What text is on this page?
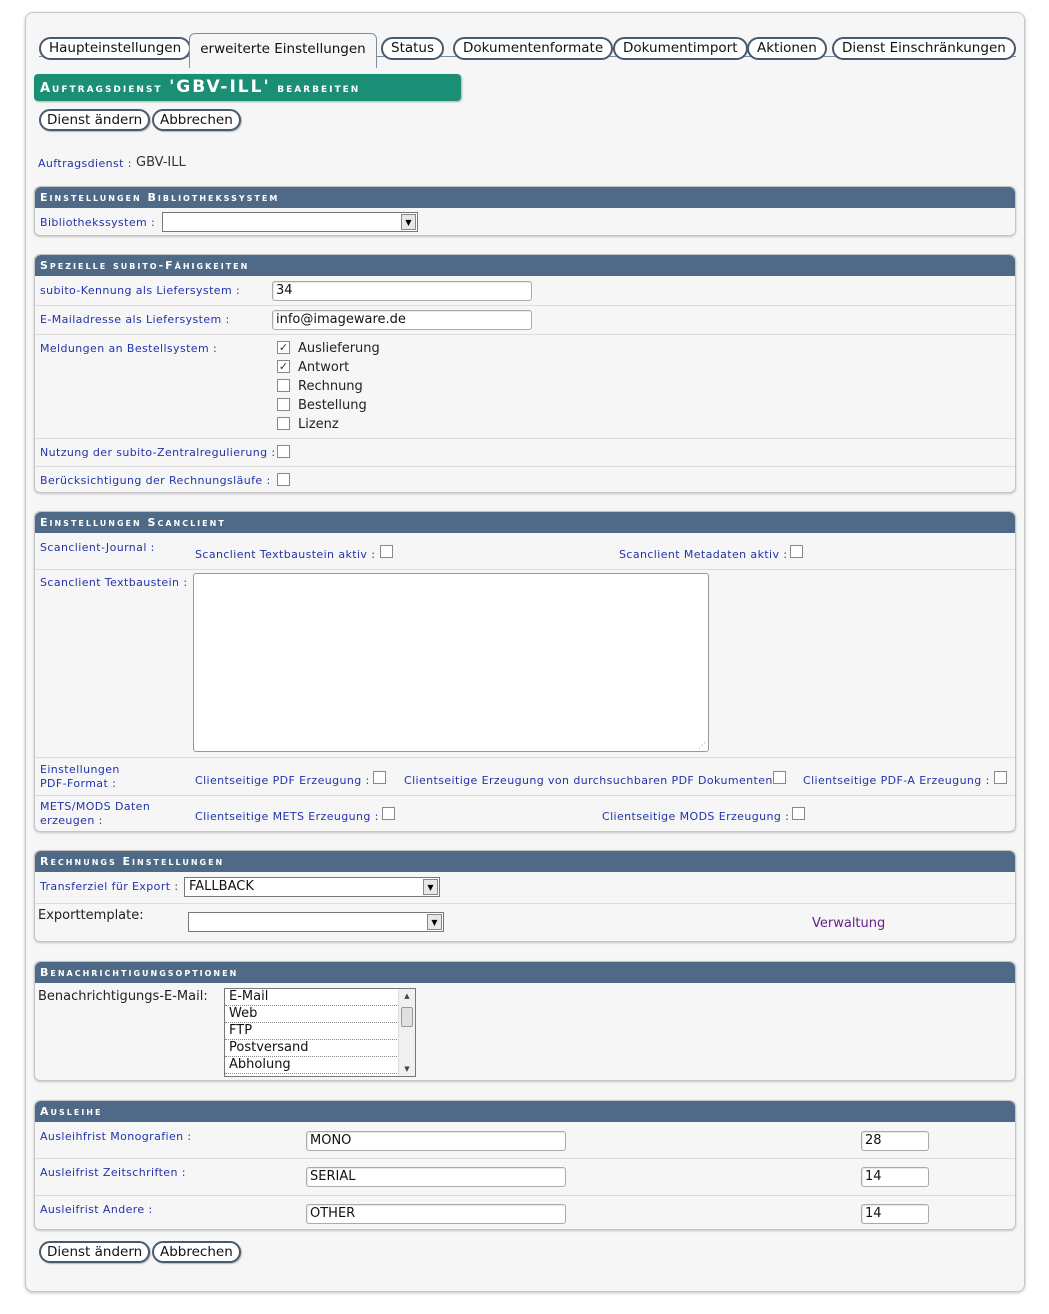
Haupteinstellungen	erweiterte Einstellungen	Status	Dokumentenformate	Dokumentimport	Aktionen	Dienst Einschränkungen
Auftragsdienst 'GBV-ILL' bearbeiten
Dienst ändern	Abbrechen
Auftragsdienst : GBV-ILL
Einstellungen Bibliothekssystem
Bibliothekssystem :	▼
Spezielle subito-Fähigkeiten
subito-Kennung als Liefersystem :	34
E-Mailadresse als Liefersystem :	info@imageware.de
Meldungen an Bestellsystem :	✓ Auslieferung
✓ Antwort
Rechnung
Bestellung
Lizenz
Nutzung der subito-Zentralregulierung :
Berücksichtigung der Rechnungsläufe :
Einstellungen Scanclient
Scanclient-Journal :
Scanclient Textbaustein aktiv :	Scanclient Metadaten aktiv :
Scanclient Textbaustein :
⋰
Einstellungen
PDF-Format :	Clientseitige PDF Erzeugung :	Clientseitige Erzeugung von durchsuchbaren PDF Dokumenten	Clientseitige PDF-A Erzeugung :
METS/MODS Daten
erzeugen :	Clientseitige METS Erzeugung :	Clientseitige MODS Erzeugung :
Rechnungs Einstellungen
Transferziel für Export : FALLBACK	▼
Exporttemplate:	▼	Verwaltung
Benachrichtigungsoptionen
Benachrichtigungs-E-Mail:	E-Mail
Web
FTP
Postversand
Abholung
▲
▼
Ausleihe
Ausleihfrist Monografien :	MONO	28
Ausleifrist Zeitschriften :	SERIAL	14
Ausleifrist Andere :	OTHER	14
Dienst ändern	Abbrechen
